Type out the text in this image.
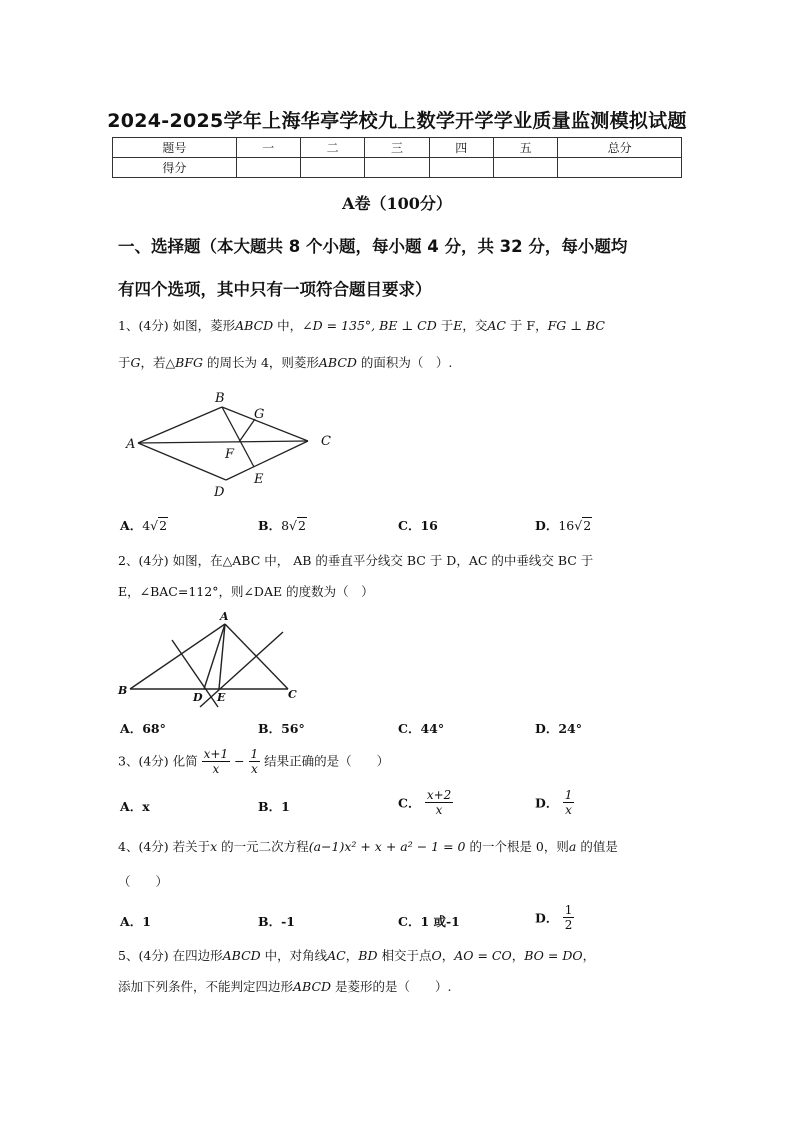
2024-2025学年上海华亭学校九上数学开学学业质量监测模拟试题
题号	一	二	三	四	五	总分
得分						
A卷（100分）
一、选择题（本大题共 8 个小题，每小题 4 分，共 32 分，每小题均
有四个选项，其中只有一项符合题目要求）
1、(4分) 如图，菱形ABCD 中，∠D = 135°, BE ⊥ CD 于E，交AC 于 F，FG ⊥ BC
于G，若△BFG 的周长为 4，则菱形ABCD 的面积为（　）.
A
B
C
D
E
F
G
A．4√2	B．8√2	C．16	D．16√2
2、(4分) 如图，在△ABC 中， AB 的垂直平分线交 BC 于 D，AC 的中垂线交 BC 于
E，∠BAC=112°，则∠DAE 的度数为（　）
A
B	C
D E
A．68°	B．56°	C．44°	D．24°
3、(4分) 化简 $\frac{x+1}{x} - \frac{1}{x}$ 结果正确的是（　　）
A．x	B．1	C． $\frac{x+2}{x}$	D． $\frac{1}{x}$
4、(4分) 若关于x 的一元二次方程(a−1)x² + x + a² − 1 = 0 的一个根是 0，则a 的值是
（　　）
A．1	B．-1	C．1 或-1	D． $\frac{1}{2}$
5、(4分) 在四边形ABCD 中，对角线AC，BD 相交于点O，AO = CO，BO = DO，
添加下列条件，不能判定四边形ABCD 是菱形的是（　　）.
